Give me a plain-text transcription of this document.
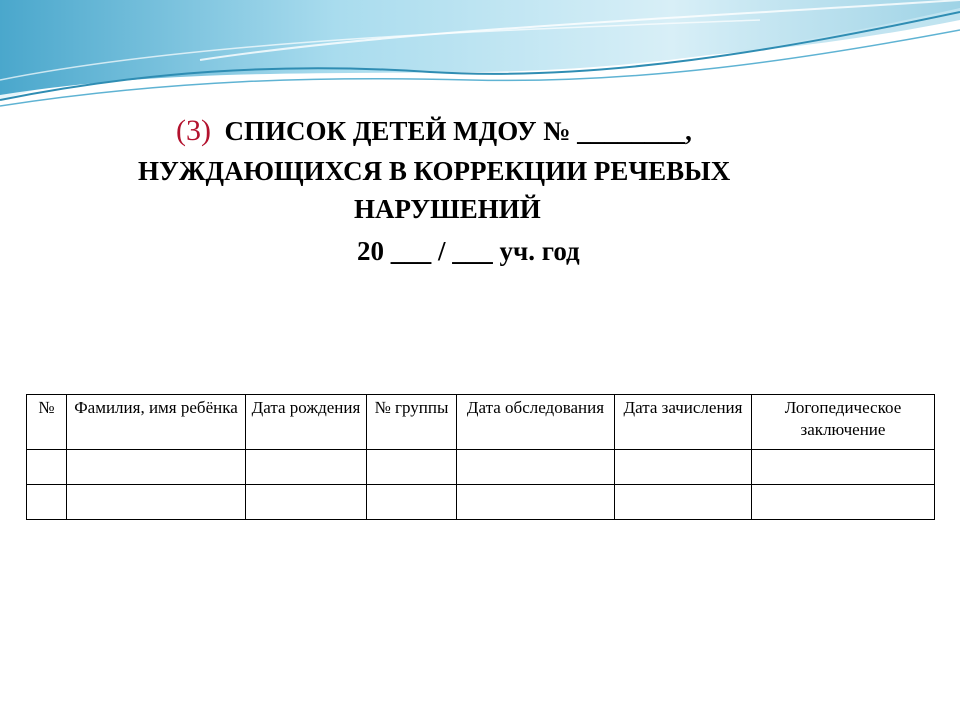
(3) СПИСОК ДЕТЕЙ МДОУ № ________,
НУЖДАЮЩИХСЯ В КОРРЕКЦИИ РЕЧЕВЫХ
НАРУШЕНИЙ
20 ___ / ___ уч. год
№	Фамилия, имя ребёнка	Дата рождения	№ группы	Дата обследования	Дата зачисления	Логопедическое заключение
